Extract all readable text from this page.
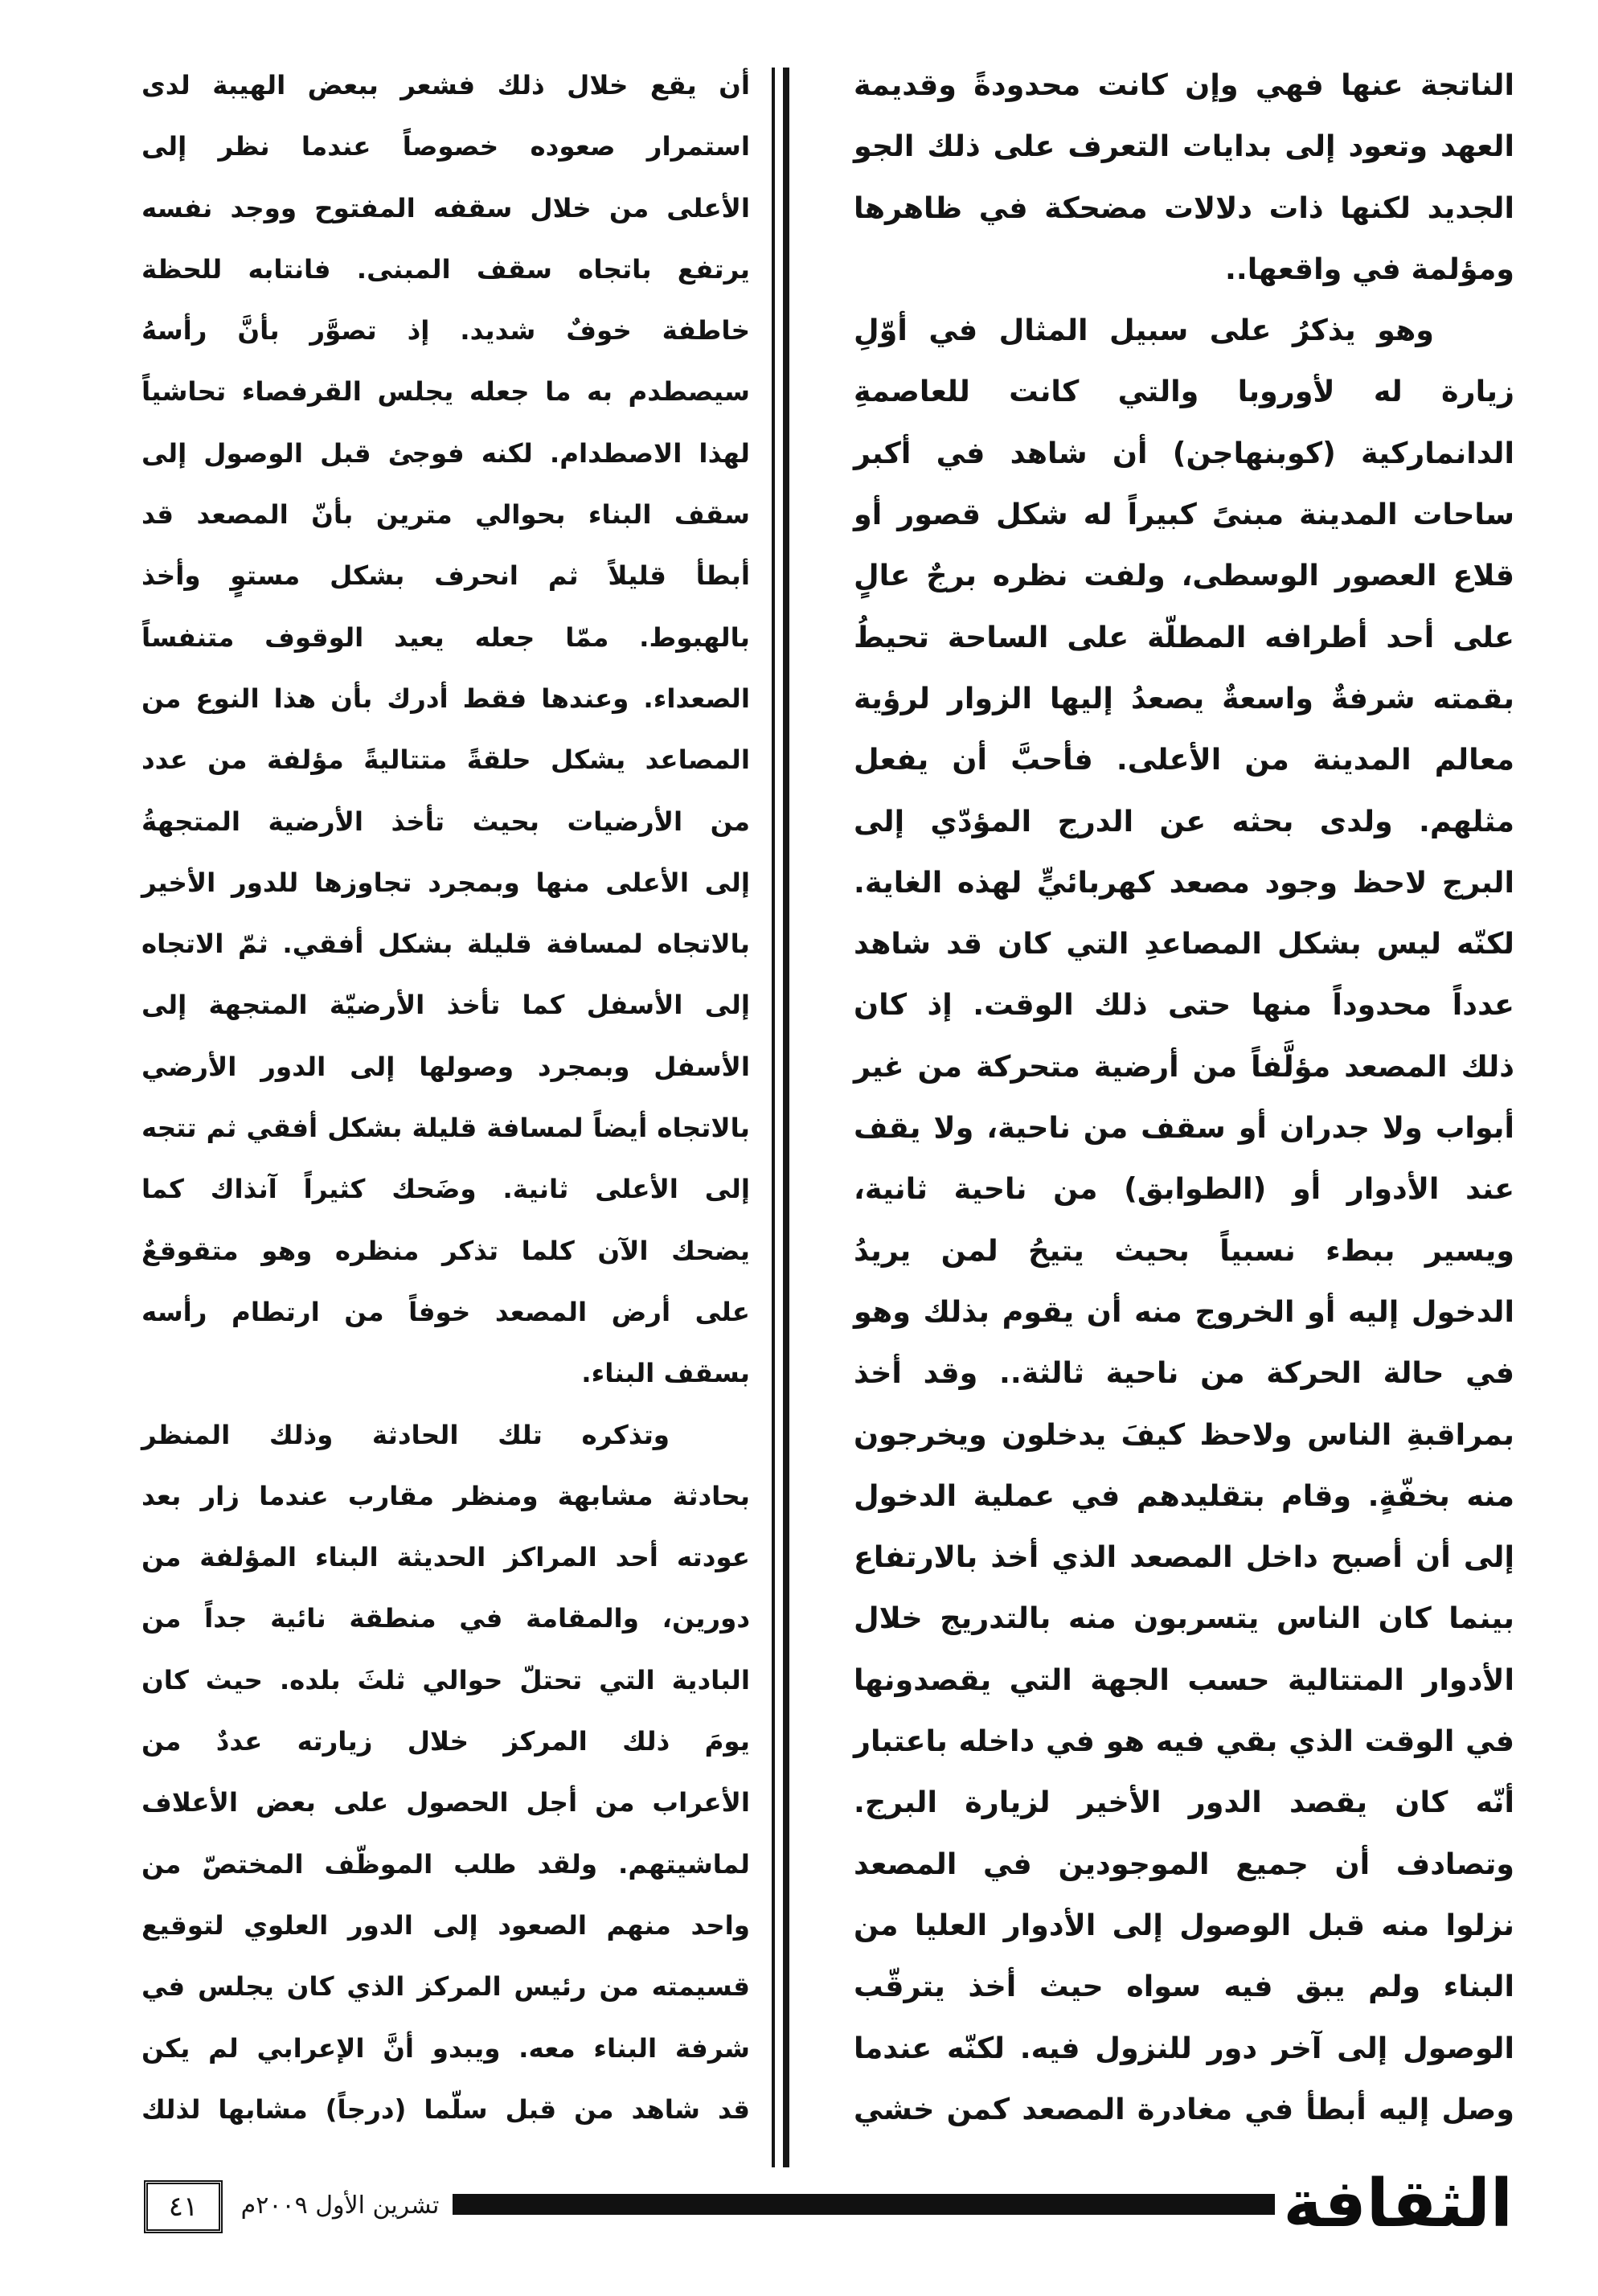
الناتجة عنها فهي وإن كانت محدودةً وقديمة
العهد وتعود إلى بدايات التعرف على ذلك الجو
الجديد لكنها ذات دلالات مضحكة في ظاهرها
ومؤلمة في واقعها..
وهو يذكرُ على سبيل المثال في أوّلِ
زيارة له لأوروبا والتي كانت للعاصمةِ
الدانماركية (كوبنهاجن) أن شاهد في أكبر
ساحات المدينة مبنىً كبيراً له شكل قصور أو
قلاع العصور الوسطى، ولفت نظره برجٌ عالٍ
على أحد أطرافه المطلّة على الساحة تحيطُ
بقمته شرفةٌ واسعةٌ يصعدُ إليها الزوار لرؤية
معالم المدينة من الأعلى. فأحبَّ أن يفعل
مثلهم. ولدى بحثه عن الدرج المؤدّي إلى
البرج لاحظ وجود مصعد كهربائيٍّ لهذه الغاية.
لكنّه ليس بشكل المصاعدِ التي كان قد شاهد
عدداً محدوداً منها حتى ذلك الوقت. إذ كان
ذلك المصعد مؤلَّفاً من أرضية متحركة من غير
أبواب ولا جدران أو سقف من ناحية، ولا يقف
عند الأدوار أو (الطوابق) من ناحية ثانية،
ويسير ببطء نسبياً بحيث يتيحُ لمن يريدُ
الدخول إليه أو الخروج منه أن يقوم بذلك وهو
في حالة الحركة من ناحية ثالثة.. وقد أخذ
بمراقبةِ الناس ولاحظ كيفَ يدخلون ويخرجون
منه بخفّةٍ. وقام بتقليدهم في عملية الدخول
إلى أن أصبح داخل المصعد الذي أخذ بالارتفاع
بينما كان الناس يتسربون منه بالتدريج خلال
الأدوار المتتالية حسب الجهة التي يقصدونها
في الوقت الذي بقي فيه هو في داخله باعتبار
أنّه كان يقصد الدور الأخير لزيارة البرج.
وتصادف أن جميع الموجودين في المصعد
نزلوا منه قبل الوصول إلى الأدوار العليا من
البناء ولم يبق فيه سواه حيث أخذ يترقّب
الوصول إلى آخر دور للنزول فيه. لكنّه عندما
وصل إليه أبطأ في مغادرة المصعد كمن خشي
أن يقع خلال ذلك فشعر ببعض الهيبة لدى
استمرار صعوده خصوصاً عندما نظر إلى
الأعلى من خلال سقفه المفتوح ووجد نفسه
يرتفع باتجاه سقف المبنى. فانتابه للحظة
خاطفة خوفٌ شديد. إذ تصوَّر بأنَّ رأسهُ
سيصطدم به ما جعله يجلس القرفصاء تحاشياً
لهذا الاصطدام. لكنه فوجئ قبل الوصول إلى
سقف البناء بحوالي مترين بأنّ المصعد قد
أبطأ قليلاً ثم انحرف بشكل مستوٍ وأخذ
بالهبوط. ممّا جعله يعيد الوقوف متنفساً
الصعداء. وعندها فقط أدرك بأن هذا النوع من
المصاعد يشكل حلقةً متتاليةً مؤلفة من عدد
من الأرضيات بحيث تأخذ الأرضية المتجهةُ
إلى الأعلى منها وبمجرد تجاوزها للدور الأخير
بالاتجاه لمسافة قليلة بشكل أفقي. ثمّ الاتجاه
إلى الأسفل كما تأخذ الأرضيّة المتجهة إلى
الأسفل وبمجرد وصولها إلى الدور الأرضي
بالاتجاه أيضاً لمسافة قليلة بشكل أفقي ثم تتجه
إلى الأعلى ثانية. وضَحك كثيراً آنذاك كما
يضحك الآن كلما تذكر منظره وهو متقوقعٌ
على أرض المصعد خوفاً من ارتطام رأسه
بسقف البناء.
وتذكره تلك الحادثة وذلك المنظر
بحادثة مشابهة ومنظر مقارب عندما زار بعد
عودته أحد المراكز الحديثة البناء المؤلفة من
دورين، والمقامة في منطقة نائية جداً من
البادية التي تحتلّ حوالي ثلثَ بلده. حيث كان
يومَ ذلك المركز خلال زيارته عددٌ من
الأعراب من أجل الحصول على بعض الأعلاف
لماشيتهم. ولقد طلب الموظّف المختصّ من
واحد منهم الصعود إلى الدور العلوي لتوقيع
قسيمته من رئيس المركز الذي كان يجلس في
شرفة البناء معه. ويبدو أنَّ الإعرابي لم يكن
قد شاهد من قبل سلّما (درجاً) مشابها لذلك
الثقافة
تشرين الأول ٢٠٠٩م
٤١
